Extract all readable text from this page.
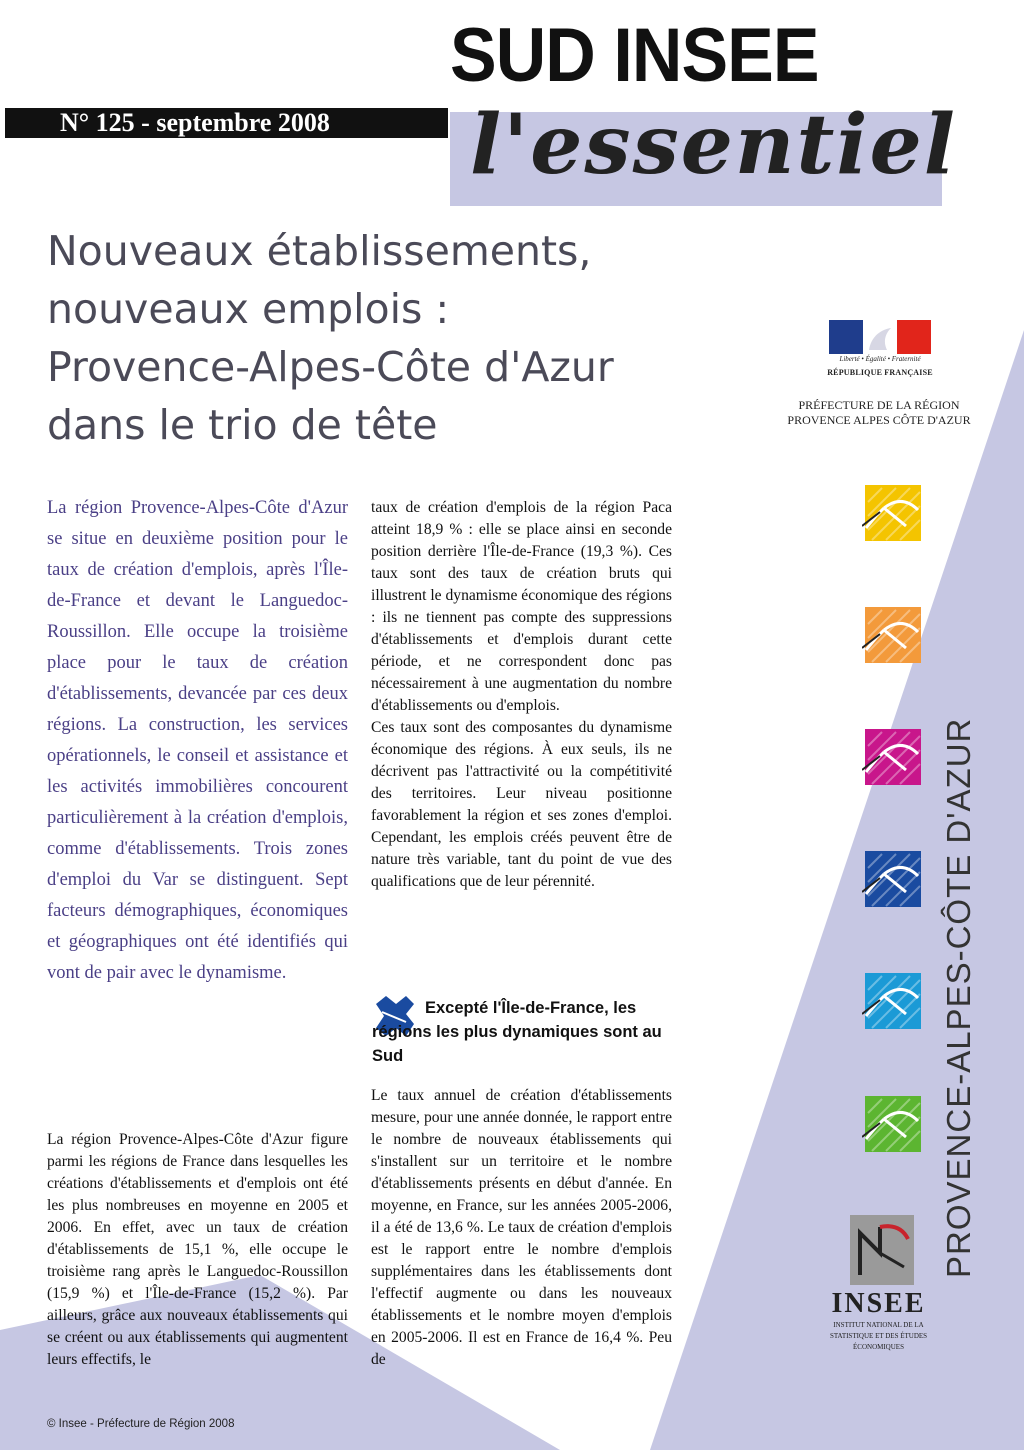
SUD INSEE
N° 125 - septembre 2008	l'essentiel
Nouveaux établissements,
nouveaux emplois :
Provence-Alpes-Côte d'Azur
dans le trio de tête
Liberté • Égalité • Fraternité
RÉPUBLIQUE FRANÇAISE
PRÉFECTURE DE LA RÉGION
PROVENCE ALPES CÔTE D'AZUR
PROVENCE-ALPES-CÔTE D'AZUR
INSEE
INSTITUT NATIONAL DE LA STATISTIQUE ET DES ÉTUDES ÉCONOMIQUES
La région Provence-Alpes-Côte d'Azur se situe en deuxième position pour le taux de création d'emplois, après l'Île-de-France et devant le Languedoc-Roussillon. Elle occupe la troisième place pour le taux de création d'établissements, devancée par ces deux régions. La construction, les services opérationnels, le conseil et assistance et les activités immobilières concourent particulièrement à la création d'emplois, comme d'établissements. Trois zones d'emploi du Var se distinguent. Sept facteurs démographiques, économiques et géographiques ont été identifiés qui vont de pair avec le dynamisme.
La région Provence-Alpes-Côte d'Azur figure parmi les régions de France dans lesquelles les créations d'établissements et d'emplois ont été les plus nombreuses en moyenne en 2005 et 2006. En effet, avec un taux de création d'établissements de 15,1 %, elle occupe le troisième rang après le Languedoc-Roussillon (15,9 %) et l'Île-de-France (15,2 %). Par ailleurs, grâce aux nouveaux établissements qui se créent ou aux établissements qui augmentent leurs effectifs, le
taux de création d'emplois de la région Paca atteint 18,9 % : elle se place ainsi en seconde position derrière l'Île-de-France (19,3 %). Ces taux sont des taux de création bruts qui illustrent le dynamisme économique des régions : ils ne tiennent pas compte des suppressions d'établissements et d'emplois durant cette période, et ne correspondent donc pas nécessairement à une augmentation du nombre d'établissements ou d'emplois.
Ces taux sont des composantes du dynamisme économique des régions. À eux seuls, ils ne décrivent pas l'attractivité ou la compétitivité des territoires. Leur niveau positionne favorablement la région et ses zones d'emploi. Cependant, les emplois créés peuvent être de nature très variable, tant du point de vue des qualifications que de leur pérennité.
Excepté l'Île-de-France, les régions les plus dynamiques sont au Sud
Le taux annuel de création d'établissements mesure, pour une année donnée, le rapport entre le nombre de nouveaux établissements qui s'installent sur un territoire et le nombre d'établissements présents en début d'année. En moyenne, en France, sur les années 2005-2006, il a été de 13,6 %. Le taux de création d'emplois est le rapport entre le nombre d'emplois supplémentaires dans les établissements dont l'effectif augmente ou dans les nouveaux établissements et le nombre moyen d'emplois en 2005-2006. Il est en France de 16,4 %. Peu de
© Insee - Préfecture de Région 2008
